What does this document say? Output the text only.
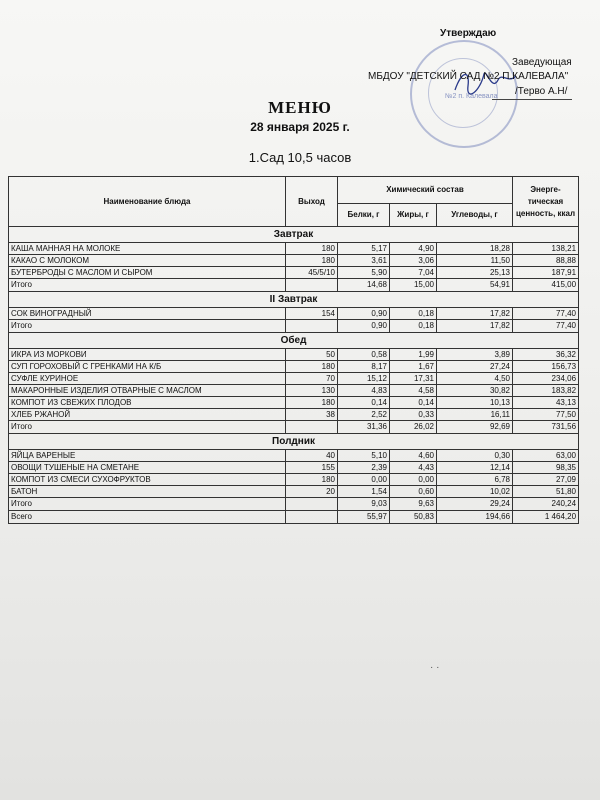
№2 п. Калевала
Утверждаю
Заведующая
МБДОУ "ДЕТСКИЙ САД №2 П.КАЛЕВАЛА"
/Терво А.Н/
МЕНЮ
28 января 2025 г.
1.Сад 10,5 часов
Наименование блюда	Выход	Химический состав			Энерге-тическая ценность, ккал
		Белки, г	Жиры, г	Углеводы, г	
Завтрак					
КАША МАННАЯ НА МОЛОКЕ	180	5,17	4,90	18,28	138,21
КАКАО С МОЛОКОМ	180	3,61	3,06	11,50	88,88
БУТЕРБРОДЫ С МАСЛОМ И СЫРОМ	45/5/10	5,90	7,04	25,13	187,91
Итого		14,68	15,00	54,91	415,00
II Завтрак					
СОК ВИНОГРАДНЫЙ	154	0,90	0,18	17,82	77,40
Итого		0,90	0,18	17,82	77,40
Обед					
ИКРА ИЗ МОРКОВИ	50	0,58	1,99	3,89	36,32
СУП ГОРОХОВЫЙ С ГРЕНКАМИ НА К/Б	180	8,17	1,67	27,24	156,73
СУФЛЕ КУРИНОЕ	70	15,12	17,31	4,50	234,06
МАКАРОННЫЕ ИЗДЕЛИЯ ОТВАРНЫЕ С МАСЛОМ	130	4,83	4,58	30,82	183,82
КОМПОТ ИЗ СВЕЖИХ ПЛОДОВ	180	0,14	0,14	10,13	43,13
ХЛЕБ РЖАНОЙ	38	2,52	0,33	16,11	77,50
Итого		31,36	26,02	92,69	731,56
Полдник					
ЯЙЦА ВАРЕНЫЕ	40	5,10	4,60	0,30	63,00
ОВОЩИ ТУШЕНЫЕ НА СМЕТАНЕ	155	2,39	4,43	12,14	98,35
КОМПОТ ИЗ СМЕСИ СУХОФРУКТОВ	180	0,00	0,00	6,78	27,09
БАТОН	20	1,54	0,60	10,02	51,80
Итого		9,03	9,63	29,24	240,24
Всего		55,97	50,83	194,66	1 464,20
· ·
